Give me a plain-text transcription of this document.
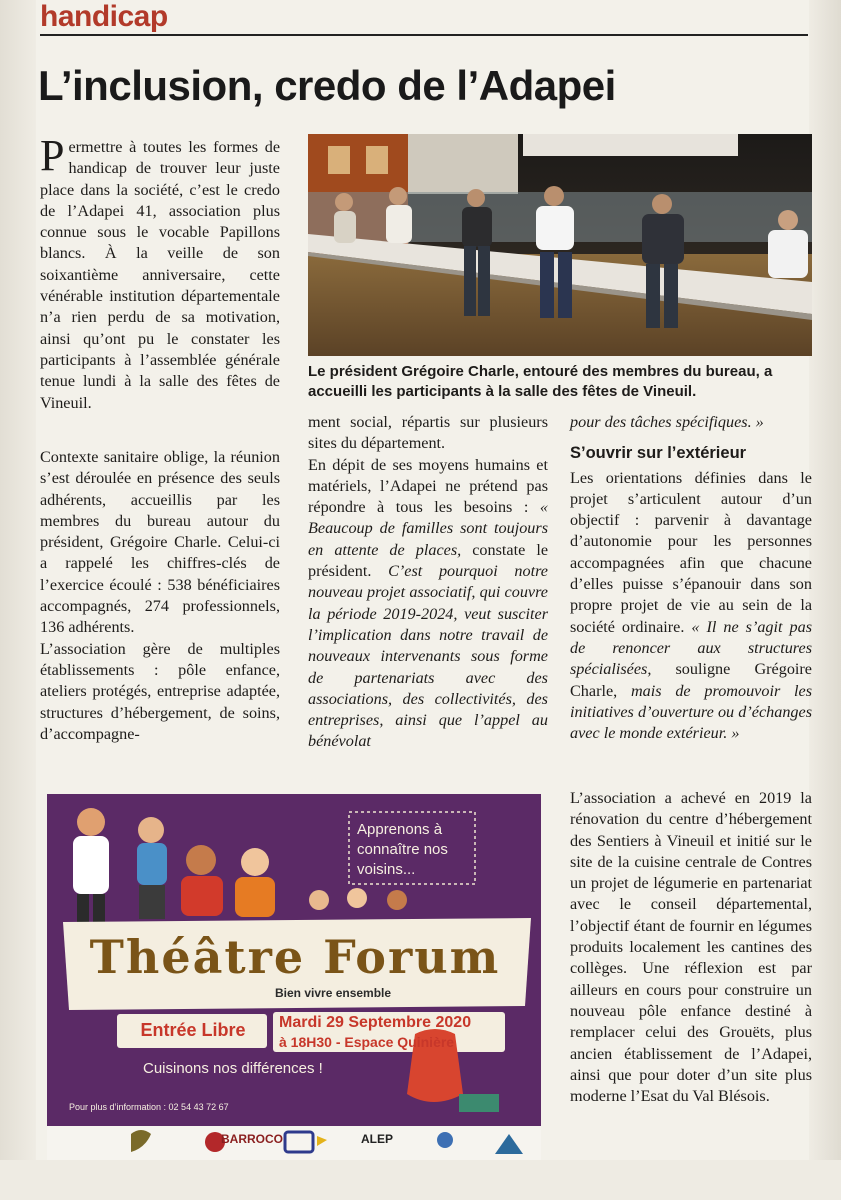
handicap
L’inclusion, credo de l’Adapei

Permettre à toutes les formes de handicap de trouver leur juste place dans la société, c’est le credo de l’Adapei 41, association plus connue sous le vocable Papillons blancs. À la veille de son soixantième anniversaire, cette vénérable institution départementale n’a rien perdu de sa motivation, ainsi qu’ont pu le constater les participants à l’assemblée générale tenue lundi à la salle des fêtes de Vineuil.

Contexte sanitaire oblige, la réunion s’est déroulée en présence des seuls adhérents, accueillis par les membres du bureau autour du président, Grégoire Charle. Celui-ci a rappelé les chiffres-clés de l’exercice écoulé : 538 bénéficiaires accompagnés, 274 professionnels, 136 adhérents.

L’association gère de multiples établissements : pôle enfance, ateliers protégés, entreprise adaptée, structures d’hébergement, de soins, d’accompagne-

Le président Grégoire Charle, entouré des membres du bureau, a accueilli les participants à la salle des fêtes de Vineuil.

ment social, répartis sur plusieurs sites du département.

En dépit de ses moyens humains et matériels, l’Adapei ne prétend pas répondre à tous les besoins : « Beaucoup de familles sont toujours en attente de places, constate le président. C’est pourquoi notre nouveau projet associatif, qui couvre la période 2019-2024, veut susciter l’implication dans notre travail de nouveaux intervenants sous forme de partenariats avec des associations, des collectivités, des entreprises, ainsi que l’appel au bénévolat

pour des tâches spécifiques. »

S’ouvrir sur l’extérieur

Les orientations définies dans le projet s’articulent autour d’un objectif : parvenir à davantage d’autonomie pour les personnes accompagnées afin que chacune d’elles puisse s’épanouir dans son propre projet de vie au sein de la société ordinaire. « Il ne s’agit pas de renoncer aux structures spécialisées, souligne Grégoire Charle, mais de promouvoir les initiatives d’ouverture ou d’échanges avec le monde extérieur. »

L’association a achevé en 2019 la rénovation du centre d’hébergement des Sentiers à Vineuil et initié sur le site de la cuisine centrale de Contres un projet de légumerie en partenariat avec le conseil départemental, l’objectif étant de fournir en légumes produits localement les cantines des collèges. Une réflexion est par ailleurs en cours pour construire un nouveau pôle enfance destiné à remplacer celui des Grouëts, plus ancien établissement de l’Adapei, ainsi que pour doter d’un site plus moderne l’Esat du Val Blésois.

Apprenons à connaître nos voisins...
Théâtre Forum
Bien vivre ensemble
Entrée Libre	Mardi 29 Septembre 2020
à 18H30 - Espace Quinière
Cuisinons nos différences !
Pour plus d’information : 02 54 43 72 67
BARROCO	ALEP
